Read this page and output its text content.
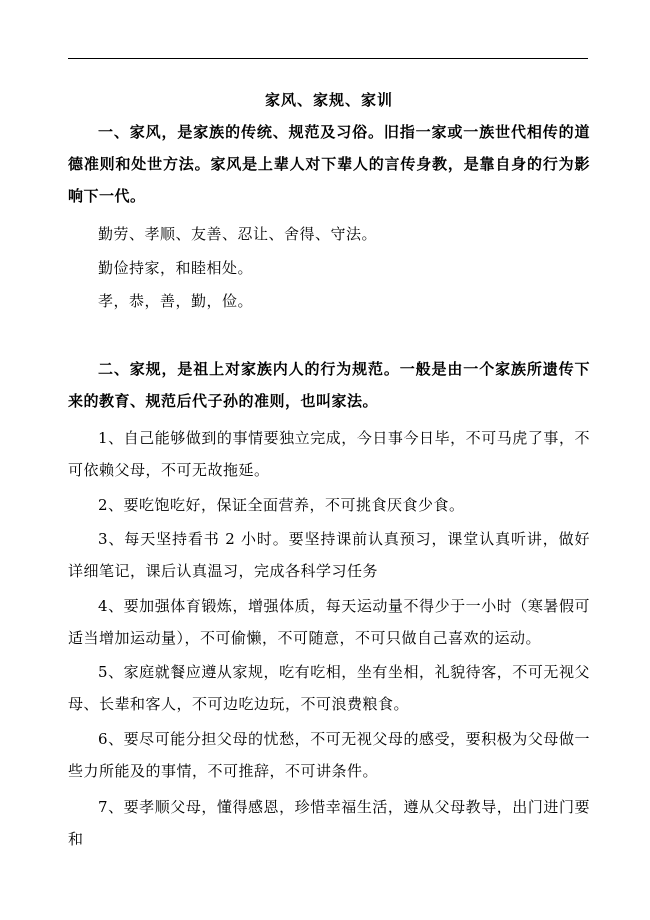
家风、家规、家训

一、家风，是家族的传统、规范及习俗。旧指一家或一族世代相传的道德准则和处世方法。家风是上辈人对下辈人的言传身教，是靠自身的行为影响下一代。

勤劳、孝顺、友善、忍让、舍得、守法。

勤俭持家，和睦相处。

孝，恭，善，勤，俭。

二、家规，是祖上对家族内人的行为规范。一般是由一个家族所遗传下来的教育、规范后代子孙的准则，也叫家法。

1、自己能够做到的事情要独立完成，今日事今日毕，不可马虎了事，不可依赖父母，不可无故拖延。

2、要吃饱吃好，保证全面营养，不可挑食厌食少食。

3、每天坚持看书 2 小时。要坚持课前认真预习，课堂认真听讲，做好详细笔记，课后认真温习，完成各科学习任务

4、要加强体育锻炼，增强体质，每天运动量不得少于一小时（寒暑假可适当增加运动量），不可偷懒，不可随意，不可只做自己喜欢的运动。

5、家庭就餐应遵从家规，吃有吃相，坐有坐相，礼貌待客，不可无视父母、长辈和客人，不可边吃边玩，不可浪费粮食。

6、要尽可能分担父母的忧愁，不可无视父母的感受，要积极为父母做一些力所能及的事情，不可推辞，不可讲条件。

7、要孝顺父母，懂得感恩，珍惜幸福生活，遵从父母教导，出门进门要和
